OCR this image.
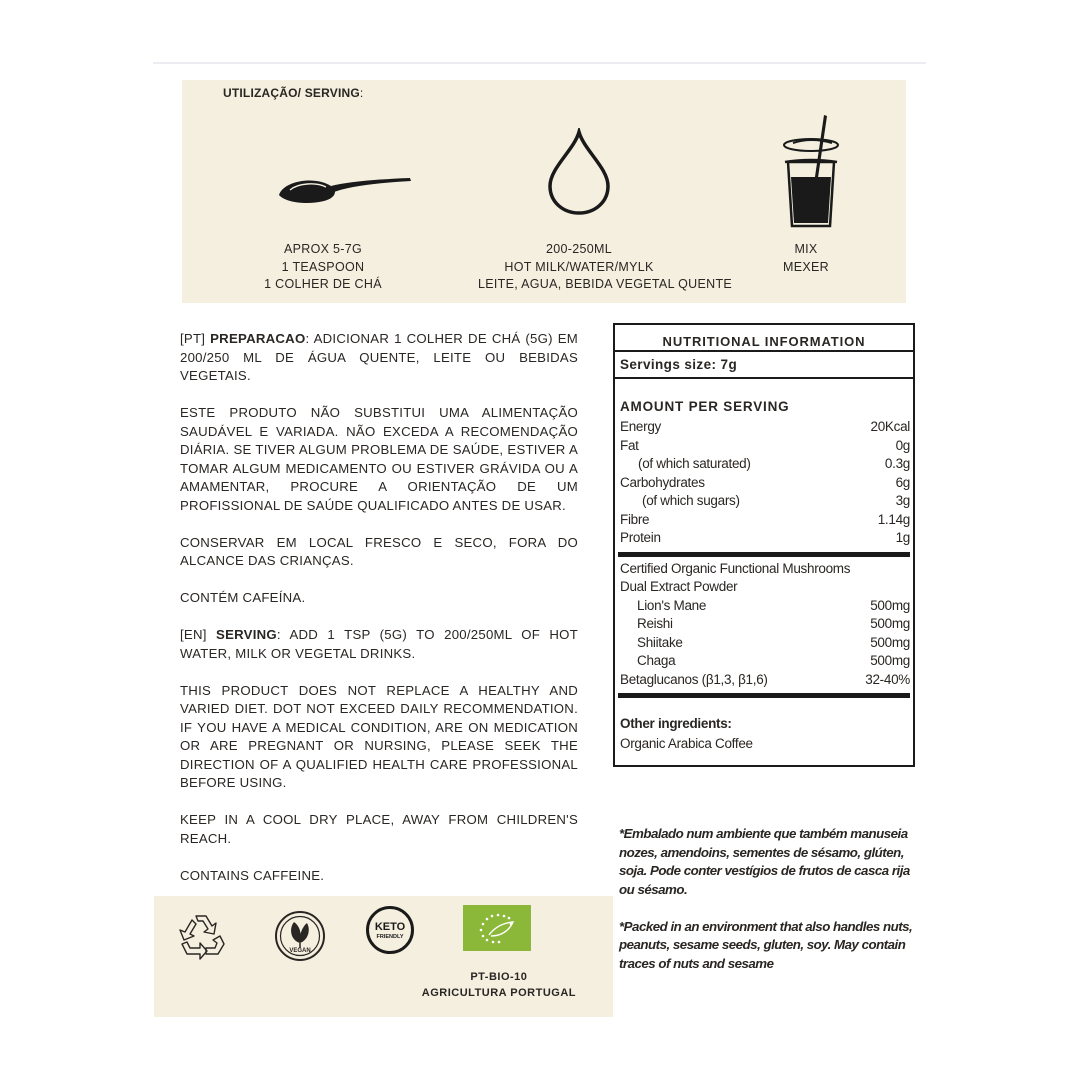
UTILIZAÇÃO/ SERVING:
APROX 5-7G
1 TEASPOON
1 COLHER DE CHÁ
200-250ML
HOT MILK/WATER/MYLK
LEITE, AGUA, BEBIDA VEGETAL QUENTE
MIX
MEXER

[PT] PREPARACAO: ADICIONAR 1 COLHER DE CHÁ (5G) EM 200/250 ML DE ÁGUA QUENTE, LEITE OU BEBIDAS VEGETAIS.

ESTE PRODUTO NÃO SUBSTITUI UMA ALIMENTAÇÃO SAUDÁVEL E VARIADA. NÃO EXCEDA A RECOMENDAÇÃO DIÁRIA. SE TIVER ALGUM PROBLEMA DE SAÚDE, ESTIVER A TOMAR ALGUM MEDICAMENTO OU ESTIVER GRÁVIDA OU A AMAMENTAR, PROCURE A ORIENTAÇÃO DE UM PROFISSIONAL DE SAÚDE QUALIFICADO ANTES DE USAR.

CONSERVAR EM LOCAL FRESCO E SECO, FORA DO ALCANCE DAS CRIANÇAS.

CONTÉM CAFEÍNA.

[EN] SERVING: ADD 1 TSP (5G) TO 200/250ML OF HOT WATER, MILK OR VEGETAL DRINKS.

THIS PRODUCT DOES NOT REPLACE A HEALTHY AND VARIED DIET. DOT NOT EXCEED DAILY RECOMMENDATION. IF YOU HAVE A MEDICAL CONDITION, ARE ON MEDICATION OR ARE PREGNANT OR NURSING, PLEASE SEEK THE DIRECTION OF A QUALIFIED HEALTH CARE PROFESSIONAL BEFORE USING.

KEEP IN A COOL DRY PLACE, AWAY FROM CHILDREN'S REACH.

CONTAINS CAFFEINE.

VEGAN
KETO
FRIENDLY
PT-BIO-10
AGRICULTURA PORTUGAL
NUTRITIONAL INFORMATION
Servings size: 7g
AMOUNT PER SERVING
Energy	20Kcal
Fat	0g
(of which saturated)	0.3g
Carbohydrates	6g
(of which sugars)	3g
Fibre	1.14g
Protein	1g
Certified Organic Functional Mushrooms
Dual Extract Powder
Lion's Mane	500mg
Reishi	500mg
Shiitake	500mg
Chaga	500mg
Betaglucanos (β1,3, β1,6)	32-40%
Other ingredients:
Organic Arabica Coffee

*Embalado num ambiente que também manuseia nozes, amendoins, sementes de sésamo, glúten, soja. Pode conter vestígios de frutos de casca rija ou sésamo.

*Packed in an environment that also handles nuts, peanuts, sesame seeds, gluten, soy. May contain traces of nuts and sesame
